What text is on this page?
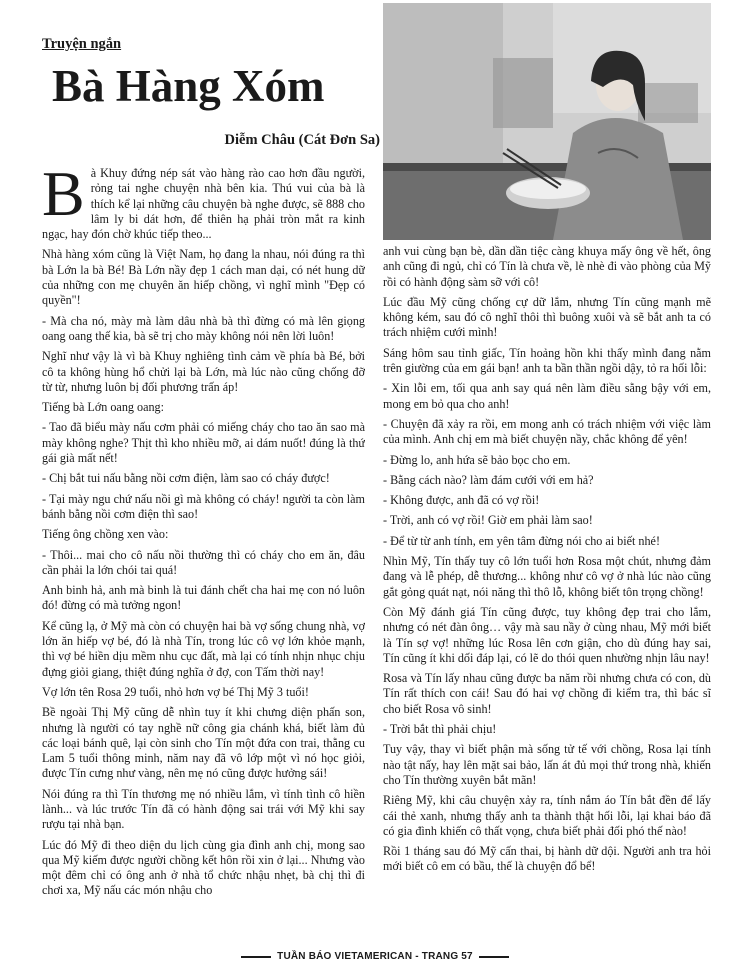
Truyện ngắn
Bà Hàng Xóm
Diễm Châu (Cát Đơn Sa)

Bà Khuy đứng nép sát vào hàng rào cao hơn đầu người, rỏng tai nghe chuyện nhà bên kia. Thú vui của bà là thích kể lại những câu chuyện bà nghe được, sẽ 888 cho lâm ly bi dát hơn, để thiên hạ phải tròn mắt ra kinh ngạc, hay đón chờ khúc tiếp theo...

Nhà hàng xóm cũng là Việt Nam, họ đang la nhau, nói đúng ra thì bà Lớn la bà Bé! Bà Lớn nầy đẹp 1 cách man dại, có nét hung dữ của những con mẹ chuyên ăn hiếp chồng, vì nghĩ mình "Đẹp có quyền"!

- Mà cha nó, mày mà làm dâu nhà bà thì đừng có mà lên giọng oang oang thế kia, bà sẽ trị cho mày không nói nên lời luôn!

Nghĩ như vậy là vì bà Khuy nghiêng tình cảm về phía bà Bé, bởi cô ta không hùng hổ chửi lại bà Lớn, mà lúc nào cũng chống đỡ từ từ, nhưng luôn bị đối phương trấn áp!

Tiếng bà Lớn oang oang:

- Tao đã biểu mày nấu cơm phải có miếng cháy cho tao ăn sao mà mày không nghe? Thịt thì kho nhiều mỡ, ai dám nuốt! đúng là thứ gái già mất nết!

- Chị bắt tui nấu bằng nồi cơm điện, làm sao có cháy được!

- Tại mày ngu chứ nấu nồi gì mà không có cháy! người ta còn làm bánh bằng nồi cơm điện thì sao!

Tiếng ông chồng xen vào:

- Thôi... mai cho cô nấu nồi thường thì có cháy cho em ăn, đâu cần phải la lớn chói tai quá!

Anh binh hả, anh mà binh là tui đánh chết cha hai mẹ con nó luôn đó! đừng có mà tưởng ngon!

Kể cũng lạ, ở Mỹ mà còn có chuyện hai bà vợ sống chung nhà, vợ lớn ăn hiếp vợ bé, đó là nhà Tín, trong lúc cô vợ lớn khỏe mạnh, thì vợ bé hiền dịu mềm nhu cục đất, mà lại có tính nhịn nhục chịu đựng giỏi giang, thiệt đúng nghĩa ở đợ, con Tấm thời nay!

Vợ lớn tên Rosa 29 tuổi, nhỏ hơn vợ bé Thị Mỹ 3 tuổi!

Bề ngoài Thị Mỹ cũng dễ nhìn tuy ít khi chưng diện phấn son, nhưng là người có tay nghề nữ công gia chánh khá, biết làm đủ các loại bánh quê, lại còn sinh cho Tín một đứa con trai, thằng cu Lam 5 tuổi thông minh, năm nay đã vô lớp một vì nó học giỏi, được Tín cưng như vàng, nên mẹ nó cũng được hưởng sái!

Nói đúng ra thì Tín thương mẹ nó nhiều lắm, vì tính tình cô hiền lành... và lúc trước Tín đã có hành động sai trái với Mỹ khi say rượu tại nhà bạn.

Lúc đó Mỹ đi theo diện du lịch cùng gia đình anh chị, mong sao qua Mỹ kiếm được người chồng kết hôn rồi xin ở lại... Nhưng vào một đêm chỉ có ông anh ở nhà tổ chức nhậu nhẹt, bà chị thì đi chơi xa, Mỹ nấu các món nhậu cho

anh vui cùng bạn bè, dần dần tiệc càng khuya mấy ông về hết, ông anh cũng đi ngủ, chỉ có Tín là chưa về, lè nhè đi vào phòng của Mỹ rồi có hành động sàm sỡ với cô!

Lúc đầu Mỹ cũng chống cự dữ lắm, nhưng Tín cũng mạnh mẽ không kém, sau đó cô nghĩ thôi thì buông xuôi và sẽ bắt anh ta có trách nhiệm cưới mình!

Sáng hôm sau tỉnh giấc, Tín hoảng hồn khi thấy mình đang nằm trên giường của em gái bạn! anh ta bần thần ngồi dậy, tỏ ra hối lỗi:

- Xin lỗi em, tối qua anh say quá nên làm điều sằng bậy với em, mong em bỏ qua cho anh!

- Chuyện đã xảy ra rồi, em mong anh có trách nhiệm với việc làm của mình. Anh chị em mà biết chuyện nầy, chắc không để yên!

- Đừng lo, anh hứa sẽ bảo bọc cho em.

- Bằng cách nào? làm đám cưới với em hả?

- Không được, anh đã có vợ rồi!

- Trời, anh có vợ rồi! Giờ em phải làm sao!

- Để từ từ anh tính, em yên tâm đừng nói cho ai biết nhé!

Nhìn Mỹ, Tín thấy tuy cô lớn tuổi hơn Rosa một chút, nhưng đảm đang và lễ phép, dễ thương... không như cô vợ ở nhà lúc nào cũng gắt gỏng quát nạt, nói năng thì thô lỗ, không biết tôn trọng chồng!

Còn Mỹ đánh giá Tín cũng được, tuy không đẹp trai cho lắm, nhưng có nét đàn ông… vậy mà sau nầy ở cùng nhau, Mỹ mới biết là Tín sợ vợ! những lúc Rosa lên cơn giận, cho dù đúng hay sai, Tín cũng ít khi dối đáp lại, có lẽ do thói quen nhường nhịn lâu nay!

Rosa và Tín lấy nhau cũng được ba năm rồi nhưng chưa có con, dù Tín rất thích con cái! Sau đó hai vợ chồng đi kiểm tra, thì bác sĩ cho biết Rosa vô sinh!

- Trời bắt thì phải chịu!

Tuy vậy, thay vì biết phận mà sống tử tế với chồng, Rosa lại tính nào tật nấy, hay lên mặt sai bảo, lấn át đủ mọi thứ trong nhà, khiến cho Tín thường xuyên bắt mãn!

Riêng Mỹ, khi câu chuyện xảy ra, tính nắm áo Tín bắt đền để lấy cái thẻ xanh, nhưng thấy anh ta thành thật hối lỗi, lại khai báo đã có gia đình khiến cô thất vọng, chưa biết phải đối phó thế nào!

Rồi 1 tháng sau đó Mỹ cấn thai, bị hành dữ dội. Người anh tra hỏi mới biết cô em có bầu, thế là chuyện đổ bể!

TUẦN BÁO VIETAMERICAN - TRANG 57
